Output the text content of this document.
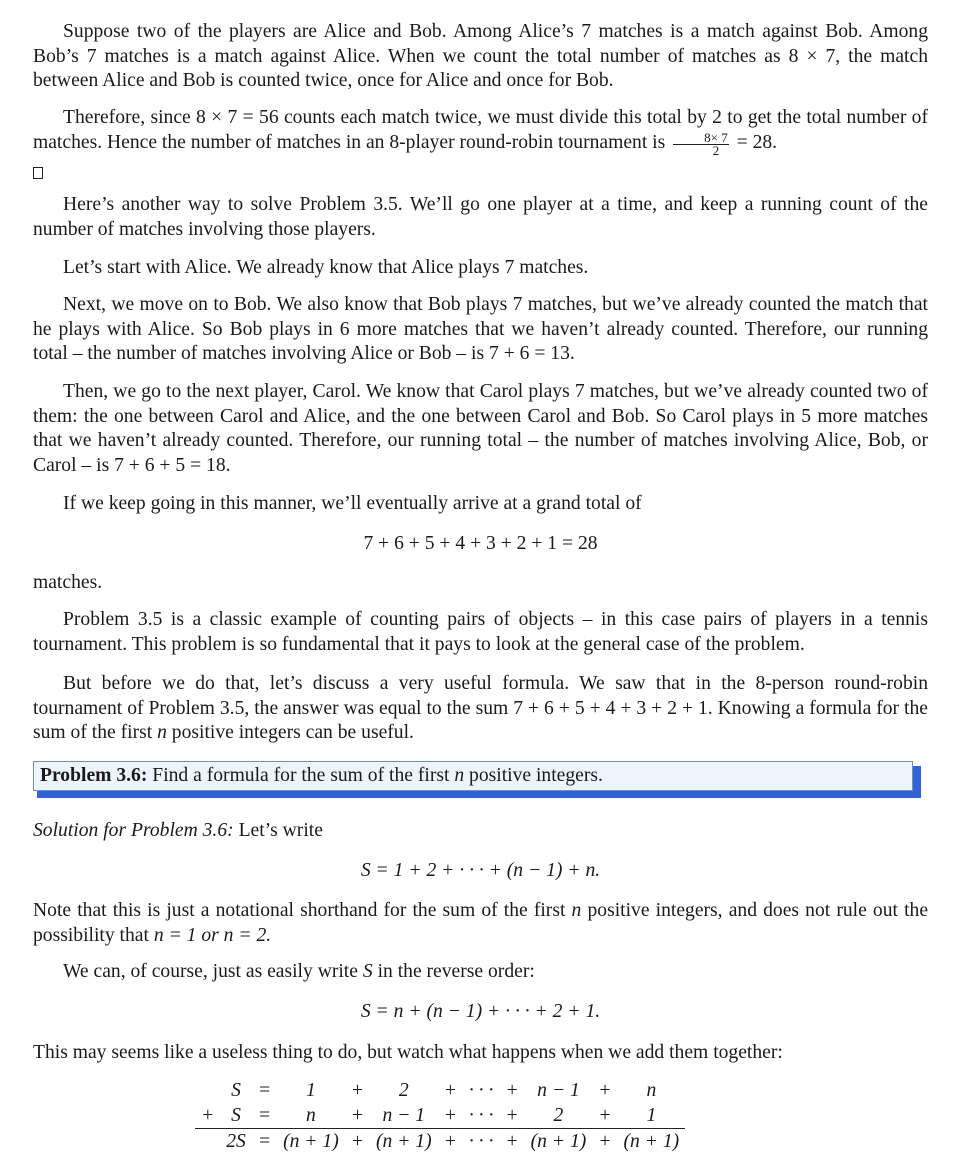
Suppose two of the players are Alice and Bob. Among Alice’s 7 matches is a match against Bob. Among Bob’s 7 matches is a match against Alice. When we count the total number of matches as 8 × 7, the match between Alice and Bob is counted twice, once for Alice and once for Bob.

Therefore, since 8 × 7 = 56 counts each match twice, we must divide this total by 2 to get the total number of matches. Hence the number of matches in an 8-player round-robin tournament is $\frac{8\times 7}{2} = 28$.

Here’s another way to solve Problem 3.5. We’ll go one player at a time, and keep a running count of the number of matches involving those players.

Let’s start with Alice. We already know that Alice plays 7 matches.

Next, we move on to Bob. We also know that Bob plays 7 matches, but we’ve already counted the match that he plays with Alice. So Bob plays in 6 more matches that we haven’t already counted. Therefore, our running total – the number of matches involving Alice or Bob – is 7 + 6 = 13.

Then, we go to the next player, Carol. We know that Carol plays 7 matches, but we’ve already counted two of them: the one between Carol and Alice, and the one between Carol and Bob. So Carol plays in 5 more matches that we haven’t already counted. Therefore, our running total – the number of matches involving Alice, Bob, or Carol – is 7 + 6 + 5 = 18.

If we keep going in this manner, we’ll eventually arrive at a grand total of

7 + 6 + 5 + 4 + 3 + 2 + 1 = 28

matches.

Problem 3.5 is a classic example of counting pairs of objects – in this case pairs of players in a tennis tournament. This problem is so fundamental that it pays to look at the general case of the problem.

But before we do that, let’s discuss a very useful formula. We saw that in the 8-person round-robin tournament of Problem 3.5, the answer was equal to the sum 7 + 6 + 5 + 4 + 3 + 2 + 1. Knowing a formula for the sum of the first n positive integers can be useful.

Problem 3.6: Find a formula for the sum of the first n positive integers.

Solution for Problem 3.6: Let’s write

S = 1 + 2 + · · · + (n − 1) + n.

Note that this is just a notational shorthand for the sum of the first n positive integers, and does not rule out the possibility that n = 1 or n = 2.

We can, of course, just as easily write S in the reverse order:

S = n + (n − 1) + · · · + 2 + 1.

This may seems like a useless thing to do, but watch what happens when we add them together:

	S	=	1	+	2	+	· · ·	+	n − 1	+	n
+	S	=	n	+	n − 1	+	· · ·	+	2	+	1
	2S	=	(n + 1)	+	(n + 1)	+	· · ·	+	(n + 1)	+	(n + 1)
